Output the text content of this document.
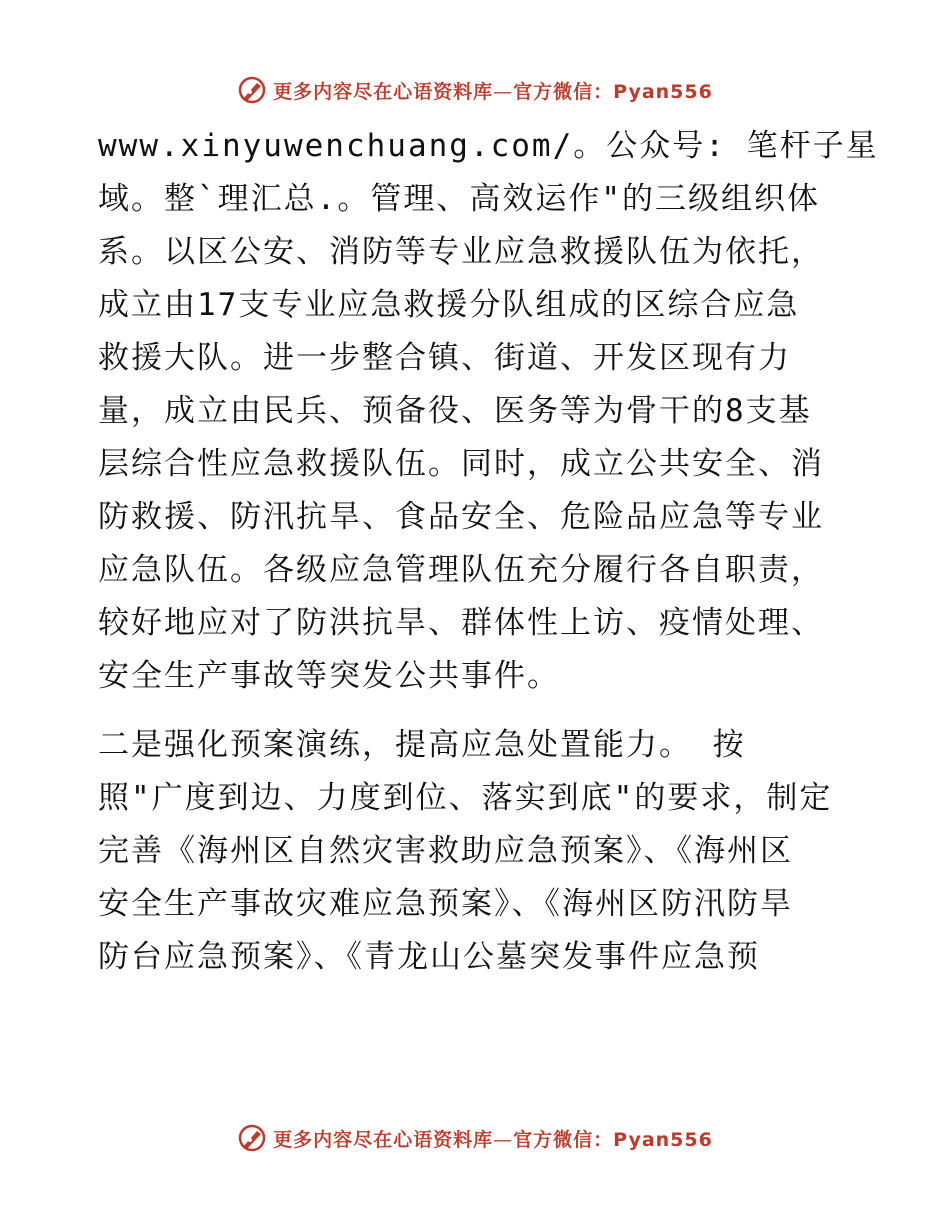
更多内容尽在心语资料库—官方微信：Pyan556
www.xinyuwenchuang.com/。公众号: 笔杆子星
域。整`理汇总.。管理、高效运作"的三级组织体
系。以区公安、消防等专业应急救援队伍为依托，
成立由17支专业应急救援分队组成的区综合应急
救援大队。进一步整合镇、街道、开发区现有力
量，成立由民兵、预备役、医务等为骨干的8支基
层综合性应急救援队伍。同时，成立公共安全、消
防救援、防汛抗旱、食品安全、危险品应急等专业
应急队伍。各级应急管理队伍充分履行各自职责，
较好地应对了防洪抗旱、群体性上访、疫情处理、
安全生产事故等突发公共事件。
二是强化预案演练，提高应急处置能力。 按
照"广度到边、力度到位、落实到底"的要求，制定
完善《海州区自然灾害救助应急预案》、《海州区
安全生产事故灾难应急预案》、《海州区防汛防旱
防台应急预案》、《青龙山公墓突发事件应急预
更多内容尽在心语资料库—官方微信：Pyan556
